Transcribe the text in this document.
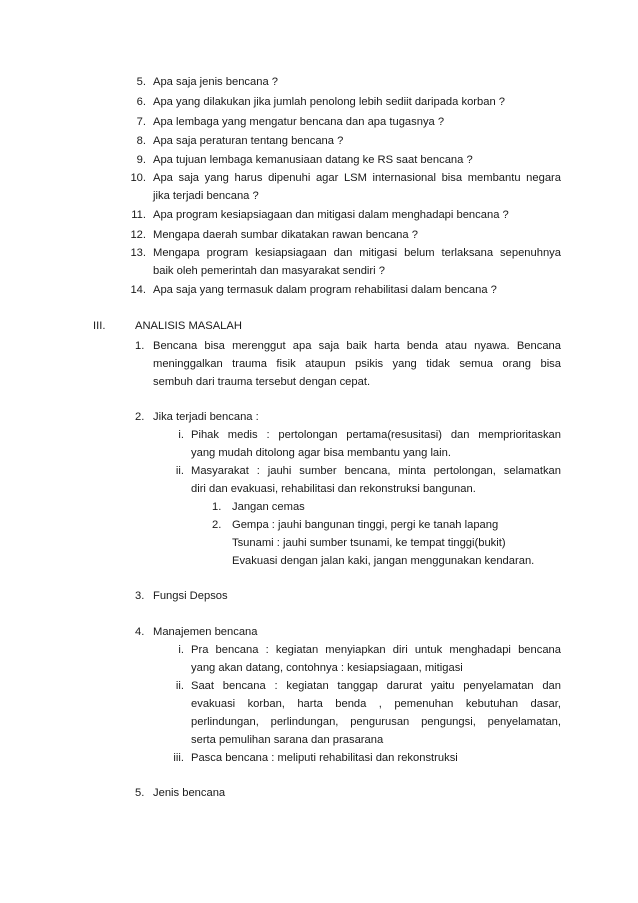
5. Apa saja jenis bencana ?
6. Apa yang dilakukan jika jumlah penolong lebih sediit daripada korban ?
7. Apa lembaga yang mengatur bencana dan apa tugasnya ?
8. Apa saja peraturan tentang bencana ?
9. Apa tujuan lembaga kemanusiaan datang ke RS saat bencana ?
10. Apa saja yang harus dipenuhi agar LSM internasional bisa membantu negara
jika terjadi bencana ?
11. Apa program kesiapsiagaan dan mitigasi dalam menghadapi bencana ?
12. Mengapa daerah sumbar dikatakan rawan bencana ?
13. Mengapa program kesiapsiagaan dan mitigasi belum terlaksana sepenuhnya
baik oleh pemerintah dan masyarakat sendiri ?
14. Apa saja yang termasuk dalam program rehabilitasi dalam bencana ?
III.	ANALISIS MASALAH
1. Bencana bisa merenggut apa saja baik harta benda atau nyawa. Bencana
meninggalkan trauma fisik ataupun psikis yang tidak semua orang bisa
sembuh dari trauma tersebut dengan cepat.
2. Jika terjadi bencana :
i. Pihak medis : pertolongan pertama(resusitasi) dan memprioritaskan
yang mudah ditolong agar bisa membantu yang lain.
ii. Masyarakat : jauhi sumber bencana, minta pertolongan, selamatkan
diri dan evakuasi, rehabilitasi dan rekonstruksi bangunan.
1. Jangan cemas
2. Gempa : jauhi bangunan tinggi, pergi ke tanah lapang
Tsunami : jauhi sumber tsunami, ke tempat tinggi(bukit)
Evakuasi dengan jalan kaki, jangan menggunakan kendaran.
3. Fungsi Depsos
4. Manajemen bencana
i. Pra bencana : kegiatan menyiapkan diri untuk menghadapi bencana
yang akan datang, contohnya : kesiapsiagaan, mitigasi
ii. Saat bencana : kegiatan tanggap darurat yaitu penyelamatan dan
evakuasi korban, harta benda , pemenuhan kebutuhan dasar,
perlindungan, perlindungan, pengurusan pengungsi, penyelamatan,
serta pemulihan sarana dan prasarana
iii. Pasca bencana : meliputi rehabilitasi dan rekonstruksi
5. Jenis bencana
